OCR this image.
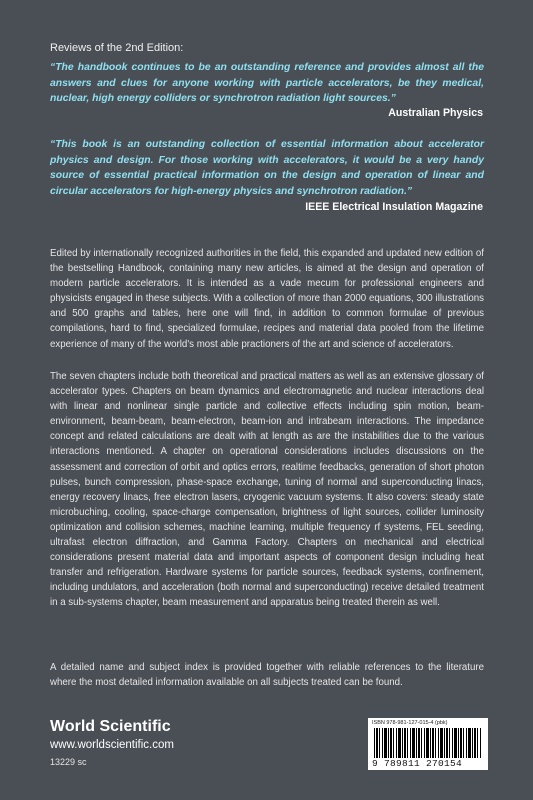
Reviews of the 2nd Edition:
“The handbook continues to be an outstanding reference and provides almost all the answers and clues for anyone working with particle accelerators, be they medical, nuclear, high energy colliders or synchrotron radiation light sources.”
Australian Physics
“This book is an outstanding collection of essential information about accelerator physics and design. For those working with accelerators, it would be a very handy source of essential practical information on the design and operation of linear and circular accelerators for high-energy physics and synchrotron radiation.”
IEEE Electrical Insulation Magazine

Edited by internationally recognized authorities in the field, this expanded and updated new edition of the bestselling Handbook, containing many new articles, is aimed at the design and operation of modern particle accelerators. It is intended as a vade mecum for professional engineers and physicists engaged in these subjects. With a collection of more than 2000 equations, 300 illustrations and 500 graphs and tables, here one will find, in addition to common formulae of previous compilations, hard to find, specialized formulae, recipes and material data pooled from the lifetime experience of many of the world's most able practioners of the art and science of accelerators.

The seven chapters include both theoretical and practical matters as well as an extensive glossary of accelerator types. Chapters on beam dynamics and electromagnetic and nuclear interactions deal with linear and nonlinear single particle and collective effects including spin motion, beam-environment, beam-beam, beam-electron, beam-ion and intrabeam interactions. The impedance concept and related calculations are dealt with at length as are the instabilities due to the various interactions mentioned. A chapter on operational considerations includes discussions on the assessment and correction of orbit and optics errors, realtime feedbacks, generation of short photon pulses, bunch compression, phase-space exchange, tuning of normal and superconducting linacs, energy recovery linacs, free electron lasers, cryogenic vacuum systems. It also covers: steady state microbuching, cooling, space-charge compensation, brightness of light sources, collider luminosity optimization and collision schemes, machine learning, multiple frequency rf systems, FEL seeding, ultrafast electron diffraction, and Gamma Factory. Chapters on mechanical and electrical considerations present material data and important aspects of component design including heat transfer and refrigeration. Hardware systems for particle sources, feedback systems, confinement, including undulators, and acceleration (both normal and superconducting) receive detailed treatment in a sub-systems chapter, beam measurement and apparatus being treated therein as well.

A detailed name and subject index is provided together with reliable references to the literature where the most detailed information available on all subjects treated can be found.

World Scientific
www.worldscientific.com
13229 sc
ISBN 978-981-127-015-4 (pbk)
9 789811 270154
>
